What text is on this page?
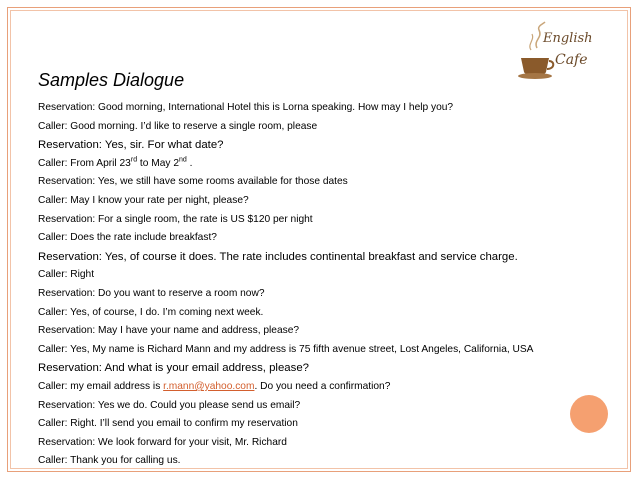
English
Cafe
Samples Dialogue
Reservation: Good morning, International Hotel this is Lorna speaking. How may I help you?
Caller: Good morning. I’d like to reserve a single room, please
Reservation: Yes, sir. For what date?
Caller: From April 23rd to May 2nd .
Reservation: Yes, we still have some rooms available for those dates
Caller: May I know your rate per night, please?
Reservation: For a single room, the rate is US $120 per night
Caller: Does the rate include breakfast?
Reservation: Yes, of course it does. The rate includes continental breakfast and service charge.
Caller: Right
Reservation: Do you want to reserve a room now?
Caller: Yes, of course, I do. I’m coming next week.
Reservation: May I have your name and address, please?
Caller: Yes, My name is Richard Mann and my address is 75 fifth avenue street, Lost Angeles, California, USA
Reservation: And what is your email address, please?
Caller: my email address is r.mann@yahoo.com. Do you need a confirmation?
Reservation: Yes we do. Could you please send us email?
Caller: Right. I’ll send you email to confirm my reservation
Reservation: We look forward for your visit, Mr. Richard
Caller: Thank you for calling us.
